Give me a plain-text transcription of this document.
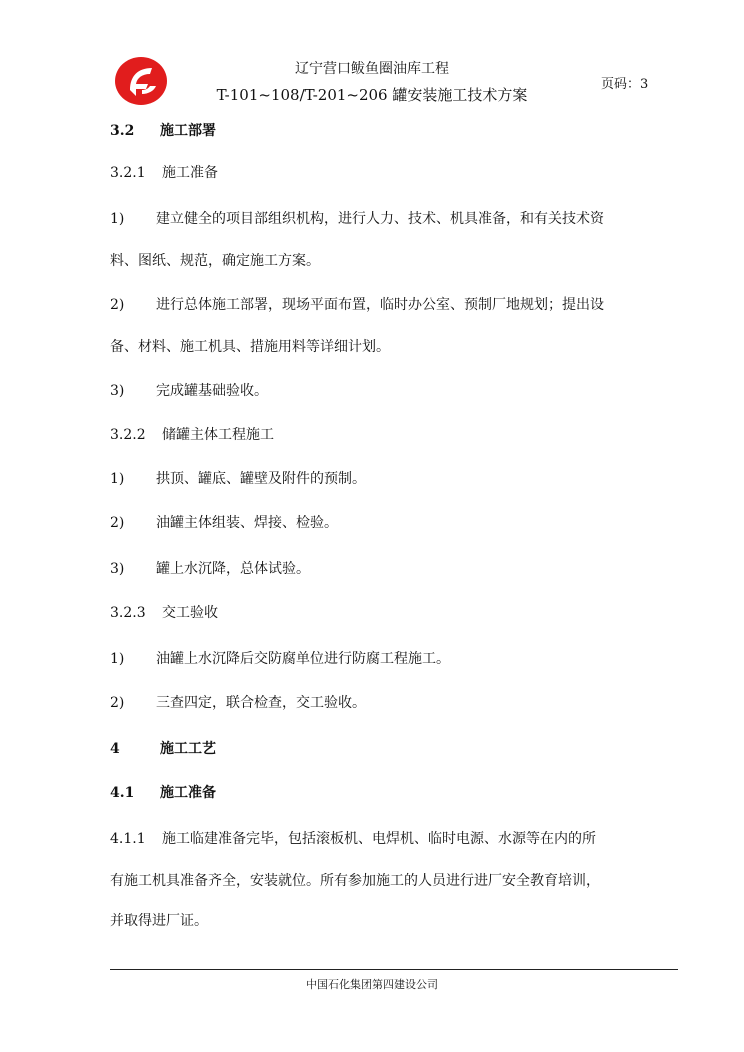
辽宁营口鲅鱼圈油库工程
T-101~108/T-201~206 罐安装施工技术方案
页码：3
3.2 施工部署
3.2.1 施工准备
1) 建立健全的项目部组织机构，进行人力、技术、机具准备，和有关技术资
料、图纸、规范，确定施工方案。
2) 进行总体施工部署，现场平面布置，临时办公室、预制厂地规划；提出设
备、材料、施工机具、措施用料等详细计划。
3) 完成罐基础验收。
3.2.2 储罐主体工程施工
1) 拱顶、罐底、罐壁及附件的预制。
2) 油罐主体组装、焊接、检验。
3) 罐上水沉降，总体试验。
3.2.3 交工验收
1) 油罐上水沉降后交防腐单位进行防腐工程施工。
2) 三查四定，联合检查，交工验收。
4	施工工艺
4.1 施工准备
4.1.1 施工临建准备完毕，包括滚板机、电焊机、临时电源、水源等在内的所
有施工机具准备齐全，安装就位。所有参加施工的人员进行进厂安全教育培训，
并取得进厂证。
中国石化集团第四建设公司
